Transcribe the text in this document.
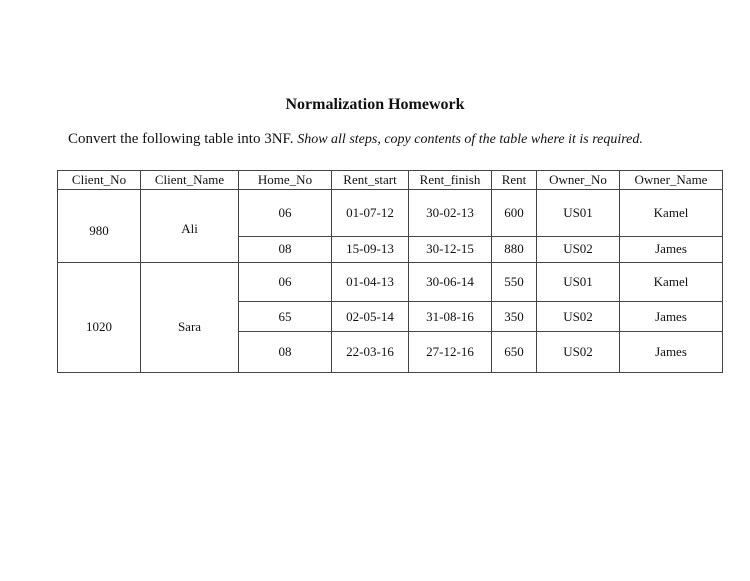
Normalization Homework
Convert the following table into 3NF. Show all steps, copy contents of the table where it is required.
Client_No	Client_Name	Home_No	Rent_start	Rent_finish	Rent	Owner_No	Owner_Name
980	Ali	06	01-07-12	30-02-13	600	US01	Kamel
		08	15-09-13	30-12-15	880	US02	James
1020	Sara	06	01-04-13	30-06-14	550	US01	Kamel
		65	02-05-14	31-08-16	350	US02	James
		08	22-03-16	27-12-16	650	US02	James
